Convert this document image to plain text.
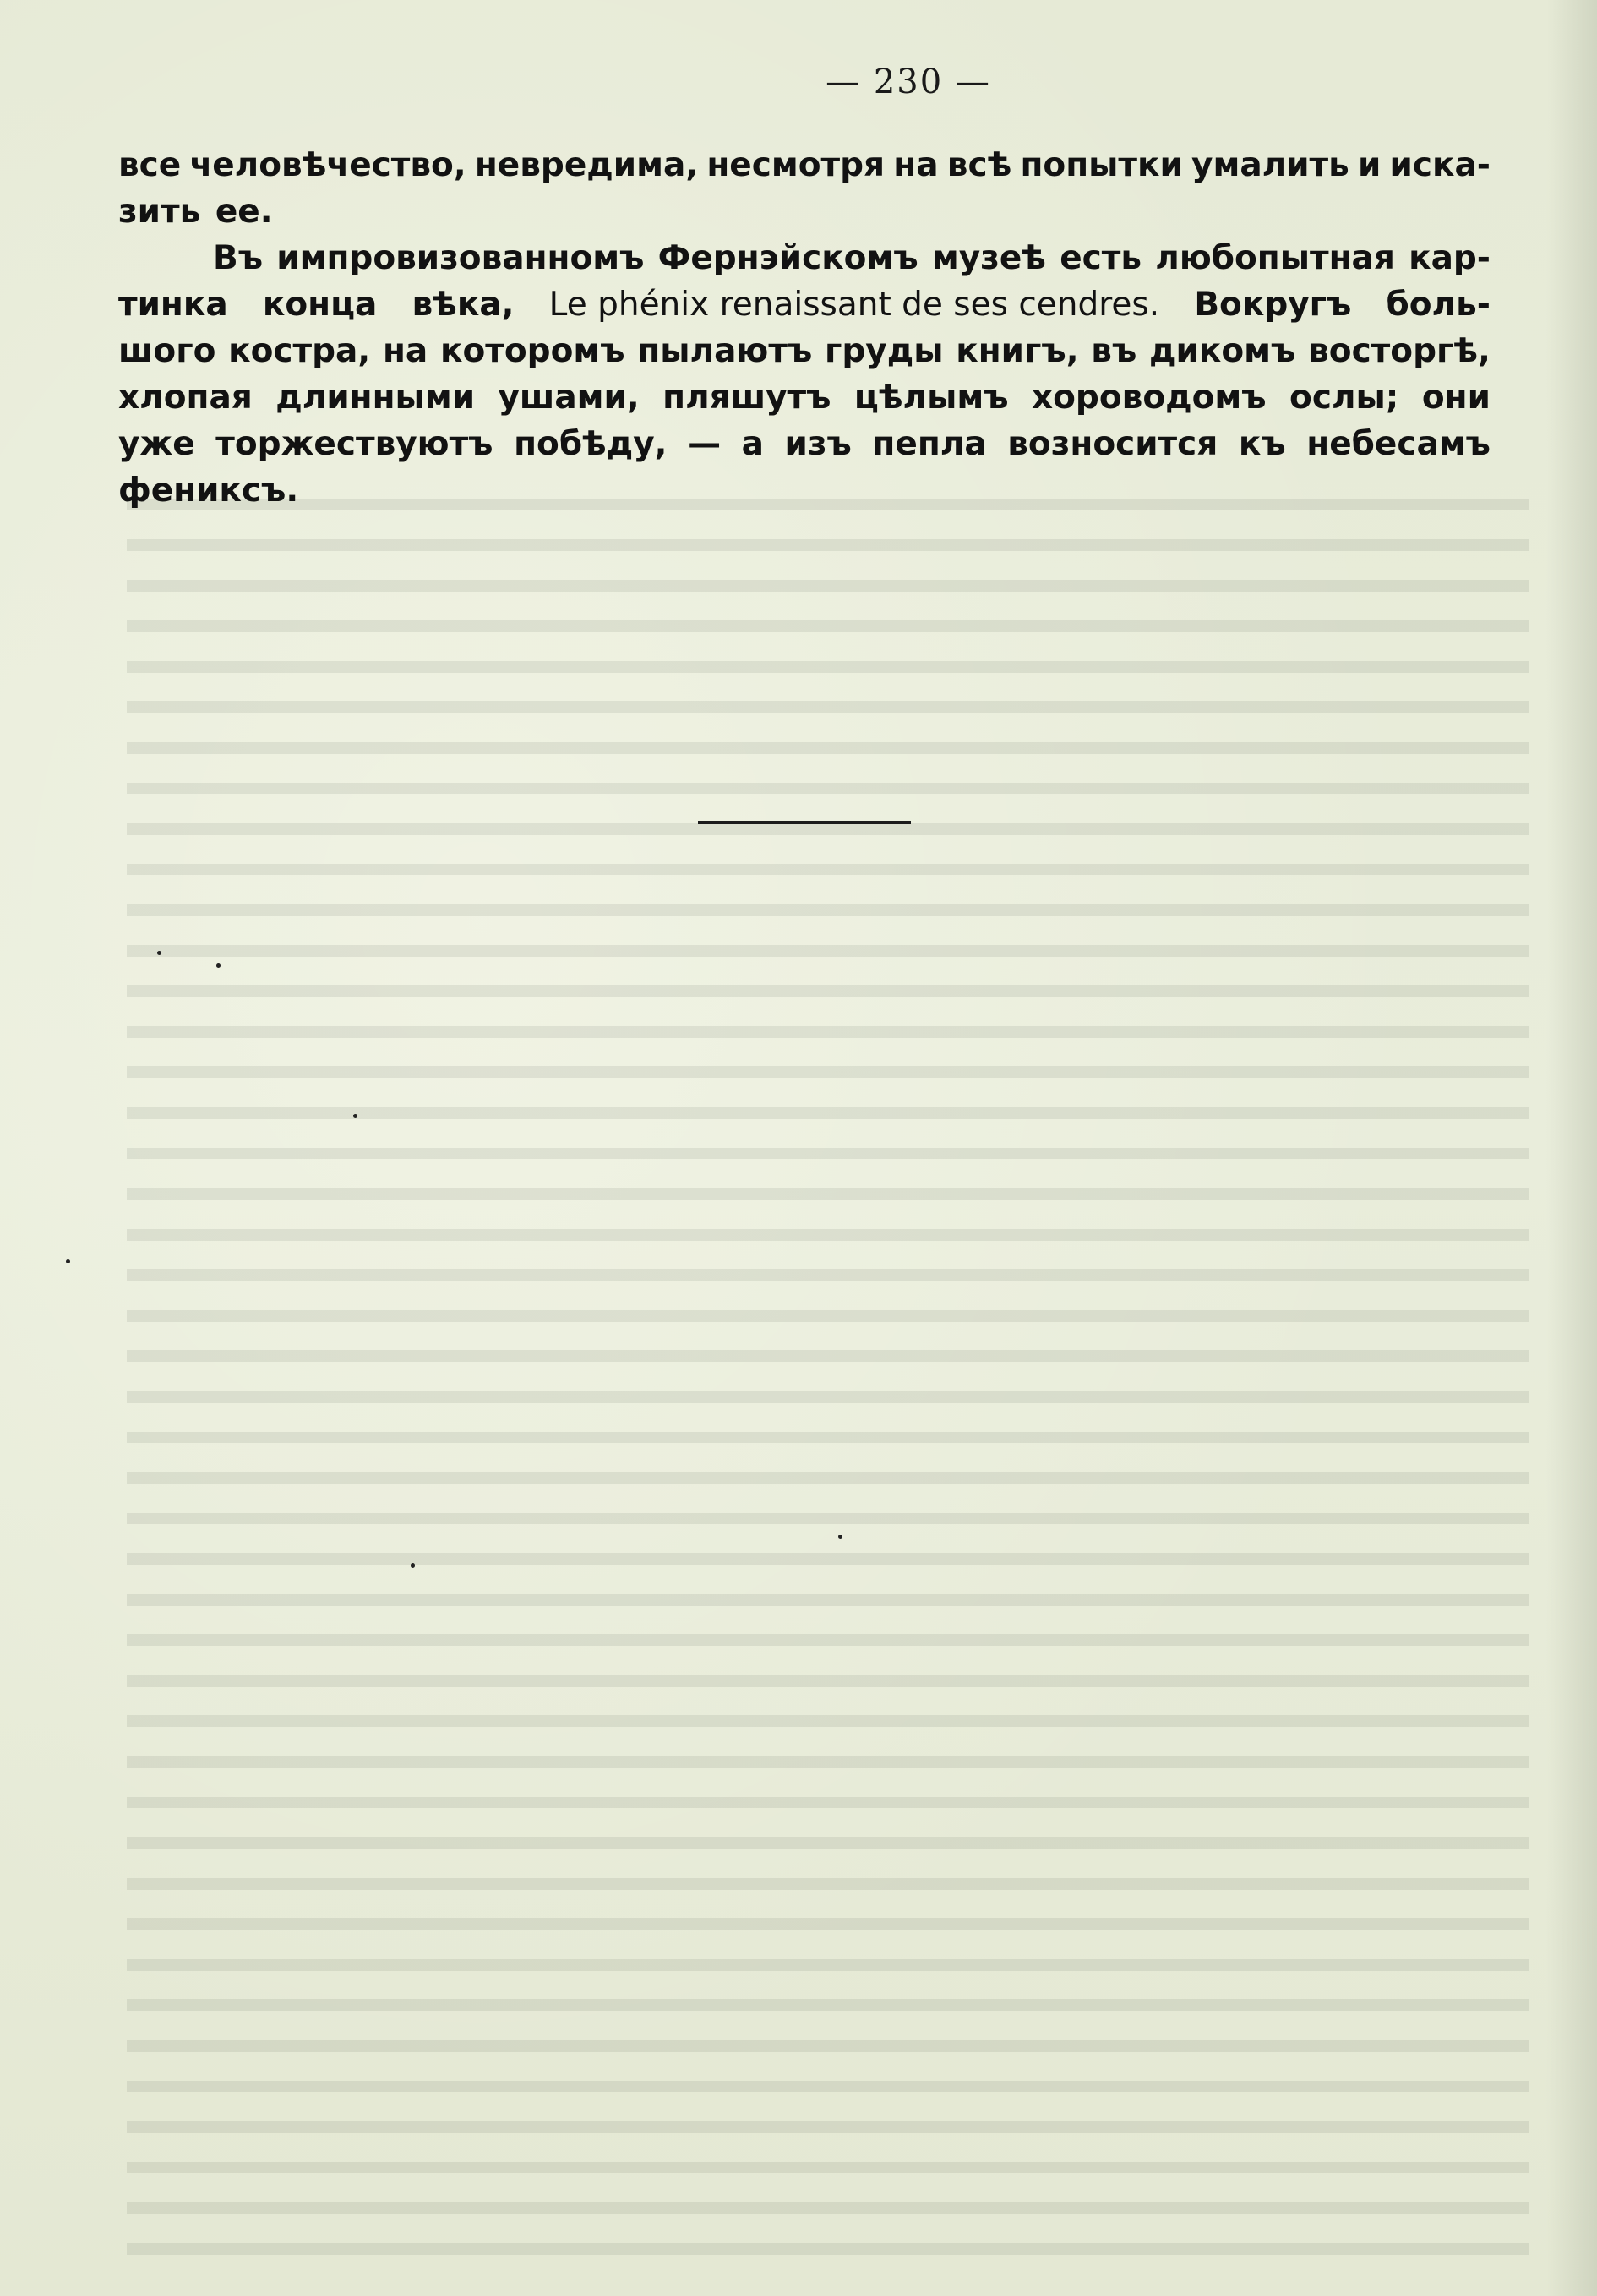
— 230 —
все человѣчество, невредима, несмотря на всѣ попытки умалить и иска-
зить ее.
Въ импровизованномъ Фернэйскомъ музеѣ есть любопытная кар-
тинка конца вѣка, Le phénix renaissant de ses cendres. Вокругъ боль-
шого костра, на которомъ пылаютъ груды книгъ, въ дикомъ восторгѣ,
хлопая длинными ушами, пляшутъ цѣлымъ хороводомъ ослы; они
уже торжествуютъ побѣду, — а изъ пепла возносится къ небесамъ
фениксъ.
